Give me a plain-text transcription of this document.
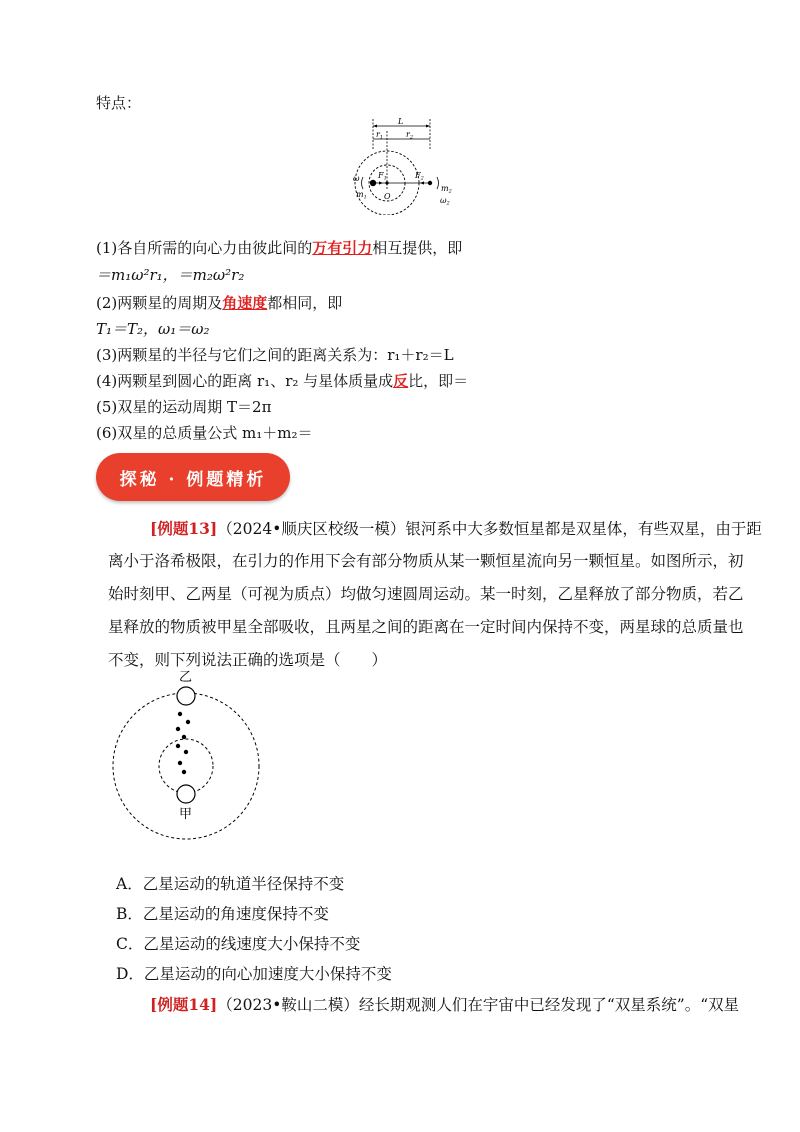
特点：
L
r1	r2
F1	F2
O
ω
m1
m2
ω2
(1)各自所需的向心力由彼此间的万有引力相互提供，即
＝m₁ω²r₁，＝m₂ω²r₂
(2)两颗星的周期及角速度都相同，即
T₁＝T₂，ω₁＝ω₂
(3)两颗星的半径与它们之间的距离关系为：r₁＋r₂＝L
(4)两颗星到圆心的距离 r₁、r₂ 与星体质量成反比，即＝
(5)双星的运动周期 T＝2π
(6)双星的总质量公式 m₁＋m₂＝
探秘 · 例题精析
[例题13]（2024•顺庆区校级一模）银河系中大多数恒星都是双星体，有些双星，由于距
离小于洛希极限，在引力的作用下会有部分物质从某一颗恒星流向另一颗恒星。如图所示，初
始时刻甲、乙两星（可视为质点）均做匀速圆周运动。某一时刻，乙星释放了部分物质，若乙
星释放的物质被甲星全部吸收，且两星之间的距离在一定时间内保持不变，两星球的总质量也
不变，则下列说法正确的选项是（　　）
乙
甲
A．乙星运动的轨道半径保持不变
B．乙星运动的角速度保持不变
C．乙星运动的线速度大小保持不变
D．乙星运动的向心加速度大小保持不变
[例题14]（2023•鞍山二模）经长期观测人们在宇宙中已经发现了“双星系统”。“双星
